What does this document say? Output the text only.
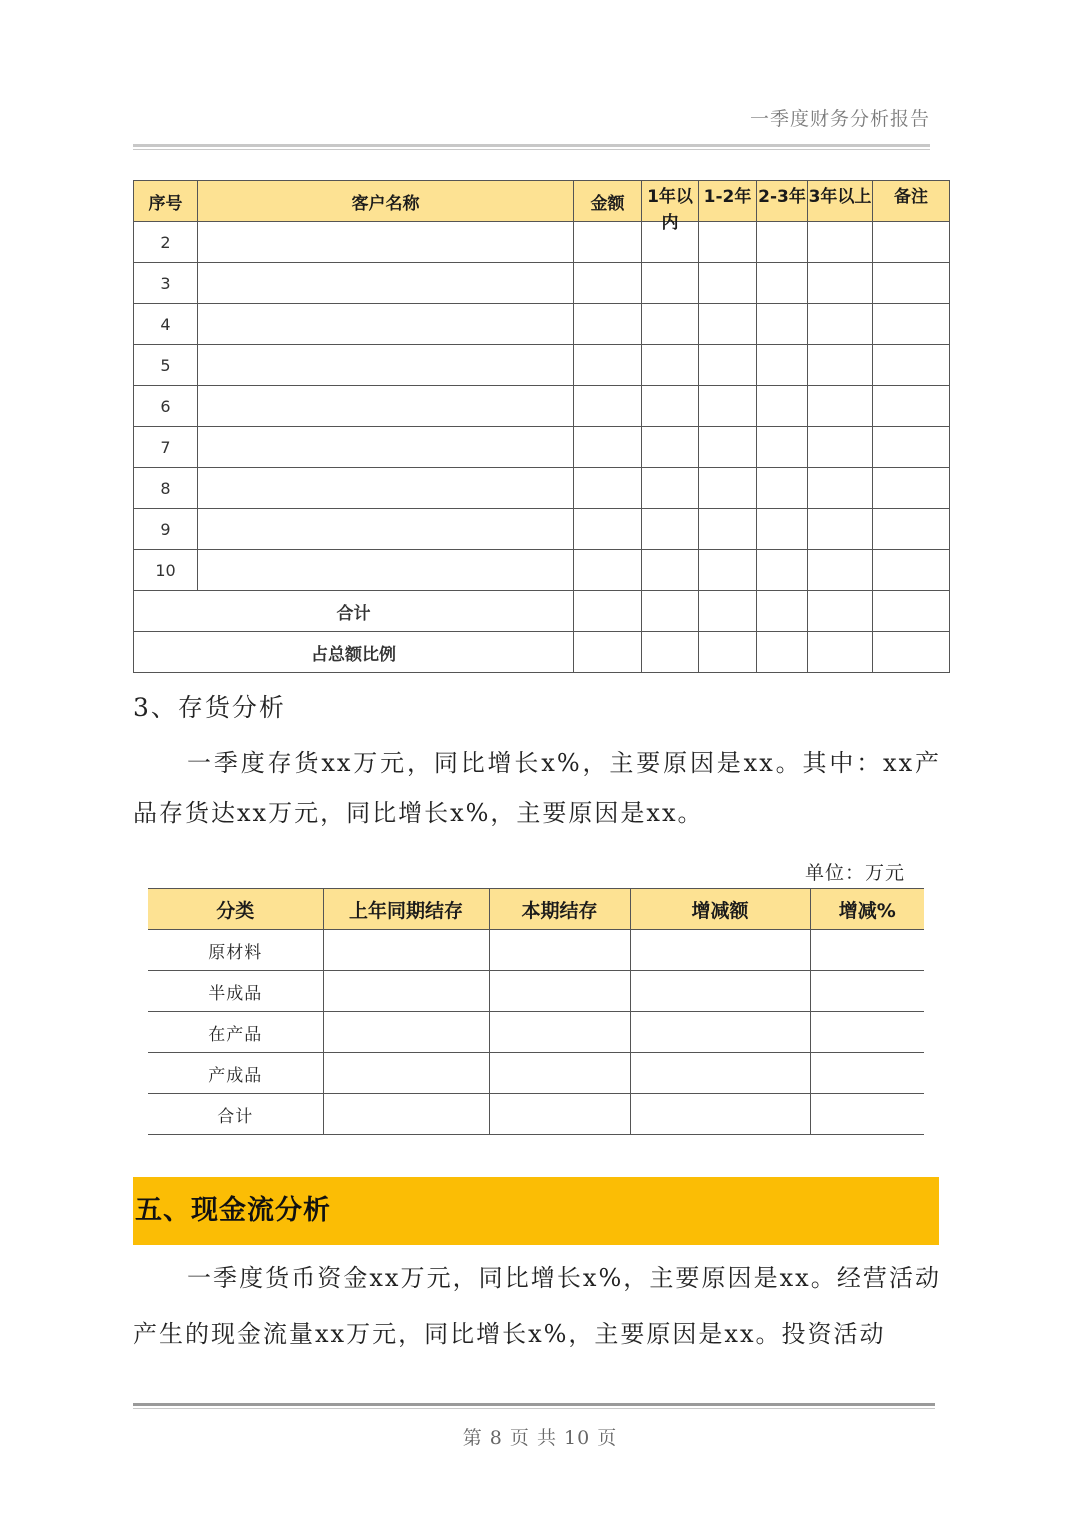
一季度财务分析报告
序号	客户名称	金额	1年以内	1-2年	2-3年	3年以上	备注

2							
3							
4							
5							
6							
7							
8							
9							
10							
合计							
占总额比例							
3、存货分析

一季度存货xx万元，同比增长x%，主要原因是xx。其中：xx产品存货达xx万元，同比增长x%，主要原因是xx。

单位：万元
分类	上年同期结存	本期结存	增减额	增减%
原材料				
半成品				
在产品				
产成品				
合计				
五、现金流分析

一季度货币资金xx万元，同比增长x%，主要原因是xx。经营活动产生的现金流量xx万元，同比增长x%，主要原因是xx。投资活动

第 8 页 共 10 页
